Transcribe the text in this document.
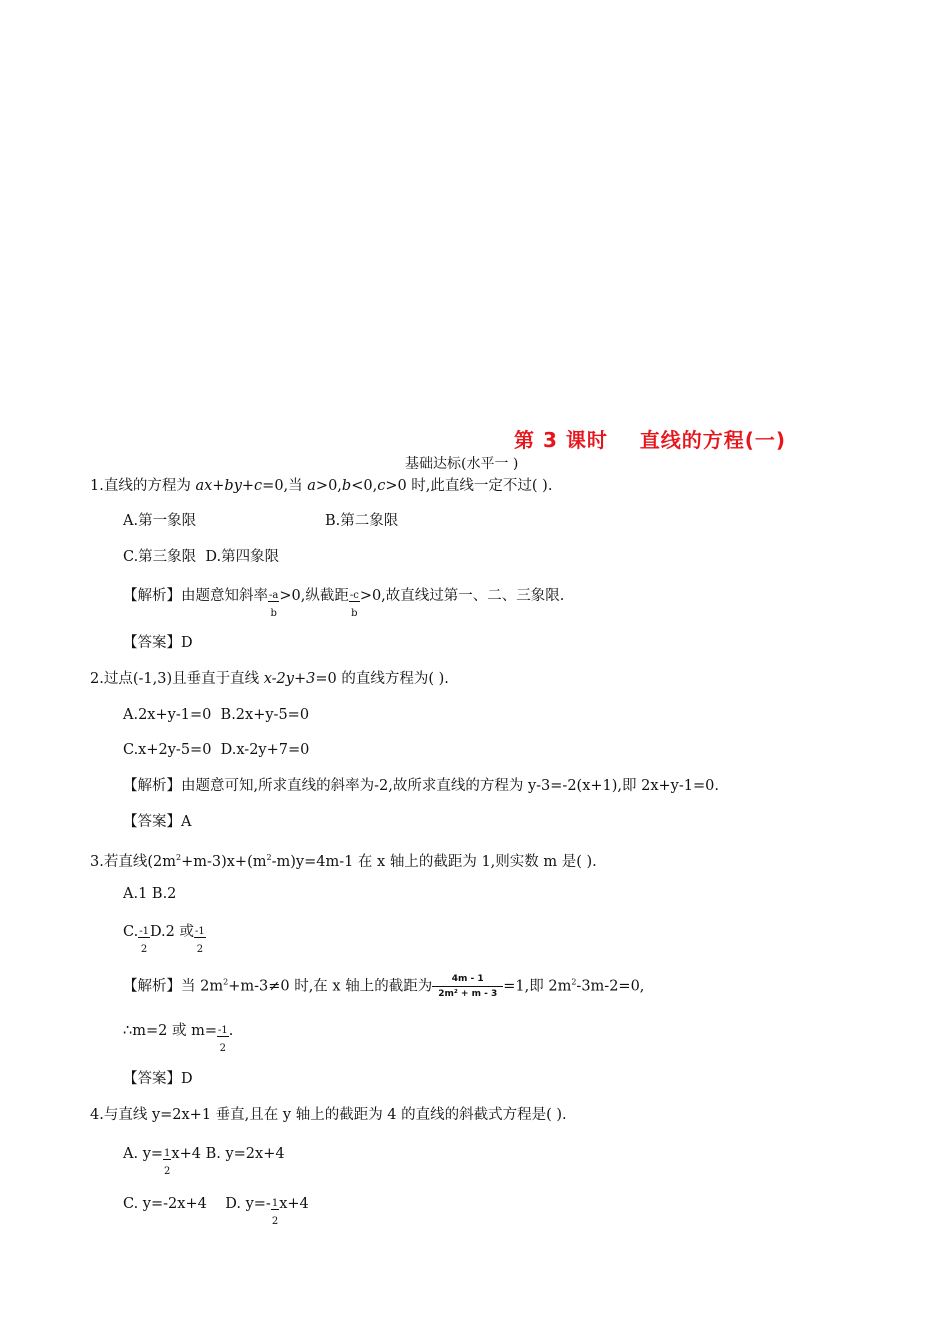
第 3 课时    直线的方程(一)
基础达标(水平一 )
1.直线的方程为 ax+by+c=0,当 a>0,b<0,c>0 时,此直线一定不过( ).
A.第一象限	B.第二象限
C.第三象限 D.第四象限
【解析】由题意知斜率 $\frac{-a}{b} >0$,纵截距 $\frac{-c}{b} >0$,故直线过第一、二、三象限.
【答案】D
2.过点(-1,3)且垂直于直线 x-2y+3=0 的直线方程为( ).
A.2x+y-1=0 B.2x+y-5=0
C.x+2y-5=0 D.x-2y+7=0
【解析】由题意可知,所求直线的斜率为-2,故所求直线的方程为 y-3=-2(x+1),即 2x+y-1=0.
【答案】A
3.若直线$(2m^2+m-3)x+(m^2-m)y=4m-1$ 在 x 轴上的截距为 1,则实数 m 是( ).
A.1 B.2
C. $\frac{-1}{2} D.2$ 或 $\frac{-1}{2}$
【解析】当 $2m^2+m-3\ne 0$ 时,在 x 轴上的截距为 $\frac{4m - 1}{\text{2m² + m - 3}} =1$,即 $2m^2-3m-2=0$,
∴m=2 或 $m= \frac{-1}{2}$ .
【答案】D
4.与直线 y=2x+1 垂直,且在 y 轴上的截距为 4 的直线的斜截式方程是( ).
A. $y= \frac{1}{2} x+4$ B. y=2x+4
C. y=-2x+4 D. $y=- \frac{1}{2} x+4$
